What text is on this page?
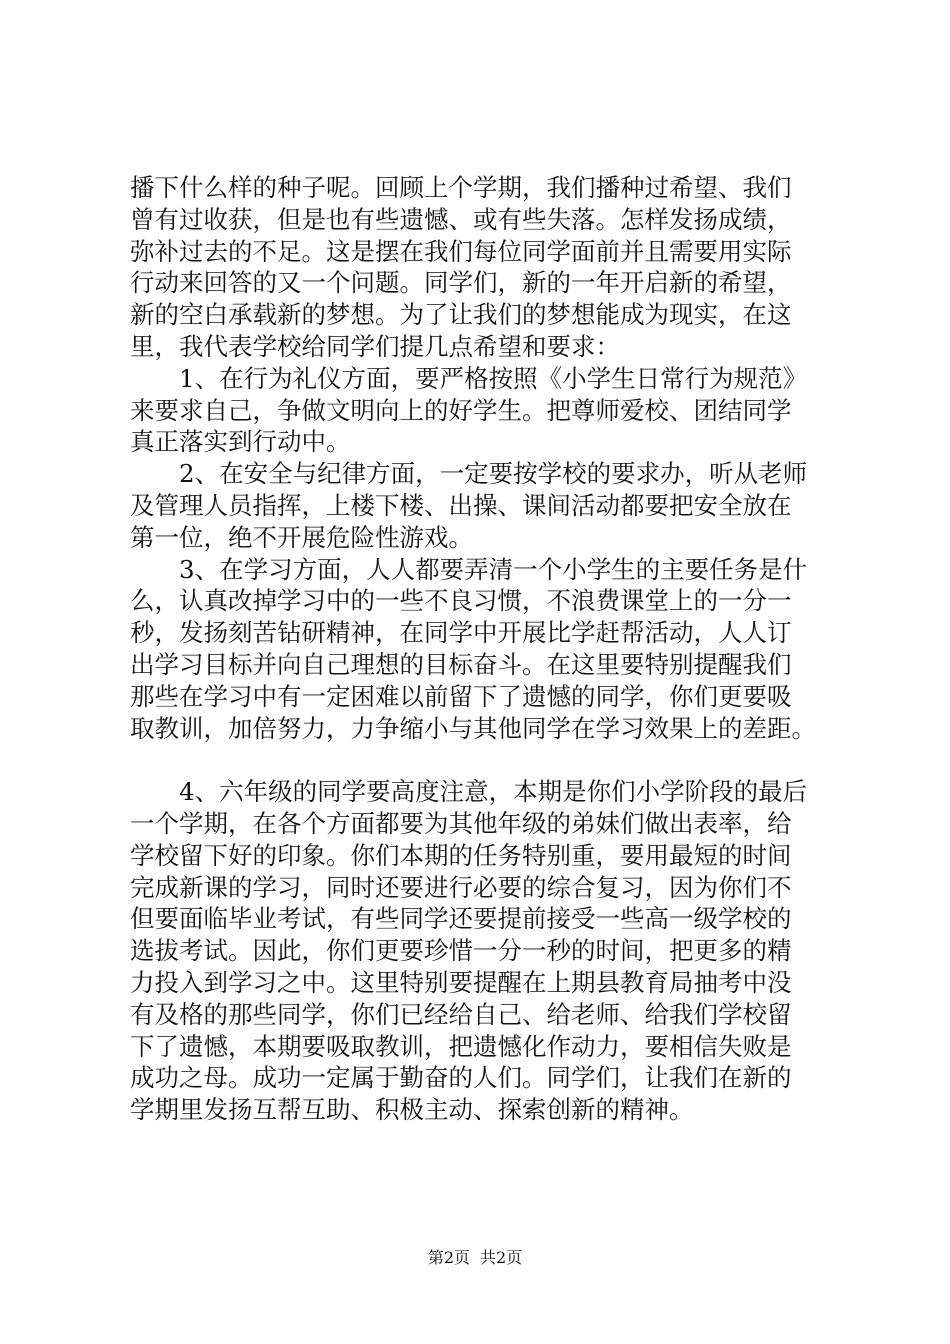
播下什么样的种子呢。回顾上个学期，我们播种过希望、我们
曾有过收获，但是也有些遗憾、或有些失落。怎样发扬成绩，
弥补过去的不足。这是摆在我们每位同学面前并且需要用实际
行动来回答的又一个问题。同学们，新的一年开启新的希望，
新的空白承载新的梦想。为了让我们的梦想能成为现实，在这
里，我代表学校给同学们提几点希望和要求：
1、在行为礼仪方面，要严格按照《小学生日常行为规范》
来要求自己，争做文明向上的好学生。把尊师爱校、团结同学
真正落实到行动中。
2、在安全与纪律方面，一定要按学校的要求办，听从老师
及管理人员指挥，上楼下楼、出操、课间活动都要把安全放在
第一位，绝不开展危险性游戏。
3、在学习方面，人人都要弄清一个小学生的主要任务是什
么，认真改掉学习中的一些不良习惯，不浪费课堂上的一分一
秒，发扬刻苦钻研精神，在同学中开展比学赶帮活动，人人订
出学习目标并向自己理想的目标奋斗。在这里要特别提醒我们
那些在学习中有一定困难以前留下了遗憾的同学，你们更要吸
取教训，加倍努力，力争缩小与其他同学在学习效果上的差距。
4、六年级的同学要高度注意，本期是你们小学阶段的最后
一个学期，在各个方面都要为其他年级的弟妹们做出表率，给
学校留下好的印象。你们本期的任务特别重，要用最短的时间
完成新课的学习，同时还要进行必要的综合复习，因为你们不
但要面临毕业考试，有些同学还要提前接受一些高一级学校的
选拔考试。因此，你们更要珍惜一分一秒的时间，把更多的精
力投入到学习之中。这里特别要提醒在上期县教育局抽考中没
有及格的那些同学，你们已经给自己、给老师、给我们学校留
下了遗憾，本期要吸取教训，把遗憾化作动力，要相信失败是
成功之母。成功一定属于勤奋的人们。同学们，让我们在新的
学期里发扬互帮互助、积极主动、探索创新的精神。
第2页 共2页
